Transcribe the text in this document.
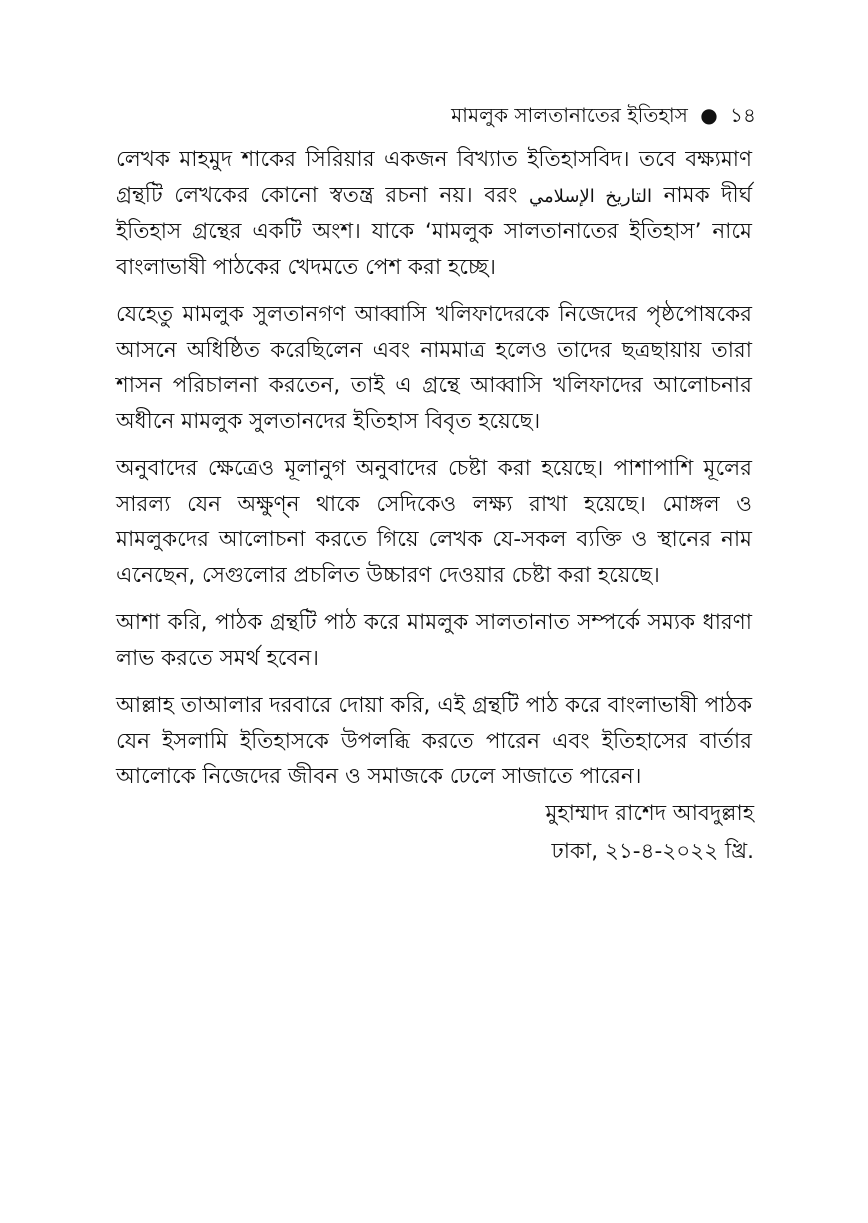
মামলুক সালতানাতের ইতিহাস ● ১৪

লেখক মাহমুদ শাকের সিরিয়ার একজন বিখ্যাত ইতিহাসবিদ। তবে বক্ষ্যমাণ গ্রন্থটি লেখকের কোনো স্বতন্ত্র রচনা নয়। বরং التاريخ الإسلامي নামক দীর্ঘ ইতিহাস গ্রন্থের একটি অংশ। যাকে ‘মামলুক সালতানাতের ইতিহাস’ নামে বাংলাভাষী পাঠকের খেদমতে পেশ করা হচ্ছে।

যেহেতু মামলুক সুলতানগণ আব্বাসি খলিফাদেরকে নিজেদের পৃষ্ঠপোষকের আসনে অধিষ্ঠিত করেছিলেন এবং নামমাত্র হলেও তাদের ছত্রছায়ায় তারা শাসন পরিচালনা করতেন, তাই এ গ্রন্থে আব্বাসি খলিফাদের আলোচনার অধীনে মামলুক সুলতানদের ইতিহাস বিবৃত হয়েছে।

অনুবাদের ক্ষেত্রেও মূলানুগ অনুবাদের চেষ্টা করা হয়েছে। পাশাপাশি মূলের সারল্য যেন অক্ষুণ্ন থাকে সেদিকেও লক্ষ্য রাখা হয়েছে। মোঙ্গল ও মামলুকদের আলোচনা করতে গিয়ে লেখক যে-সকল ব্যক্তি ও স্থানের নাম এনেছেন, সেগুলোর প্রচলিত উচ্চারণ দেওয়ার চেষ্টা করা হয়েছে।

আশা করি, পাঠক গ্রন্থটি পাঠ করে মামলুক সালতানাত সম্পর্কে সম্যক ধারণা লাভ করতে সমর্থ হবেন।

আল্লাহ তাআলার দরবারে দোয়া করি, এই গ্রন্থটি পাঠ করে বাংলাভাষী পাঠক যেন ইসলামি ইতিহাসকে উপলব্ধি করতে পারেন এবং ইতিহাসের বার্তার আলোকে নিজেদের জীবন ও সমাজকে ঢেলে সাজাতে পারেন।

মুহাম্মাদ রাশেদ আবদুল্লাহ
ঢাকা, ২১-৪-২০২২ খ্রি.
